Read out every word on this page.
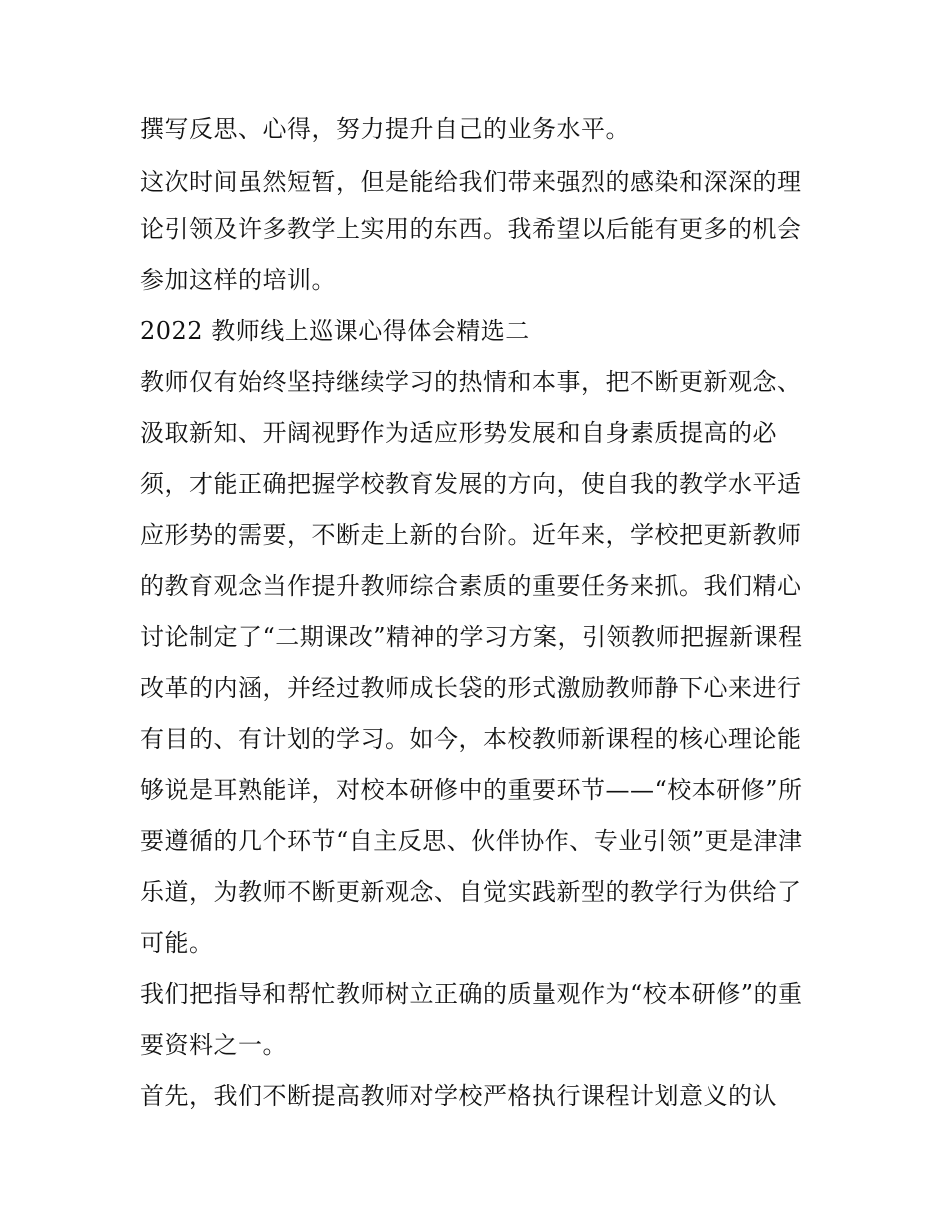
撰写反思、心得，努力提升自己的业务水平。
这次时间虽然短暂，但是能给我们带来强烈的感染和深深的理
论引领及许多教学上实用的东西。我希望以后能有更多的机会
参加这样的培训。
2022 教师线上巡课心得体会精选二
教师仅有始终坚持继续学习的热情和本事，把不断更新观念、
汲取新知、开阔视野作为适应形势发展和自身素质提高的必
须，才能正确把握学校教育发展的方向，使自我的教学水平适
应形势的需要，不断走上新的台阶。近年来，学校把更新教师
的教育观念当作提升教师综合素质的重要任务来抓。我们精心
讨论制定了“二期课改”精神的学习方案，引领教师把握新课程
改革的内涵，并经过教师成长袋的形式激励教师静下心来进行
有目的、有计划的学习。如今，本校教师新课程的核心理论能
够说是耳熟能详，对校本研修中的重要环节——“校本研修”所
要遵循的几个环节“自主反思、伙伴协作、专业引领”更是津津
乐道，为教师不断更新观念、自觉实践新型的教学行为供给了
可能。
我们把指导和帮忙教师树立正确的质量观作为“校本研修”的重
要资料之一。
首先，我们不断提高教师对学校严格执行课程计划意义的认
